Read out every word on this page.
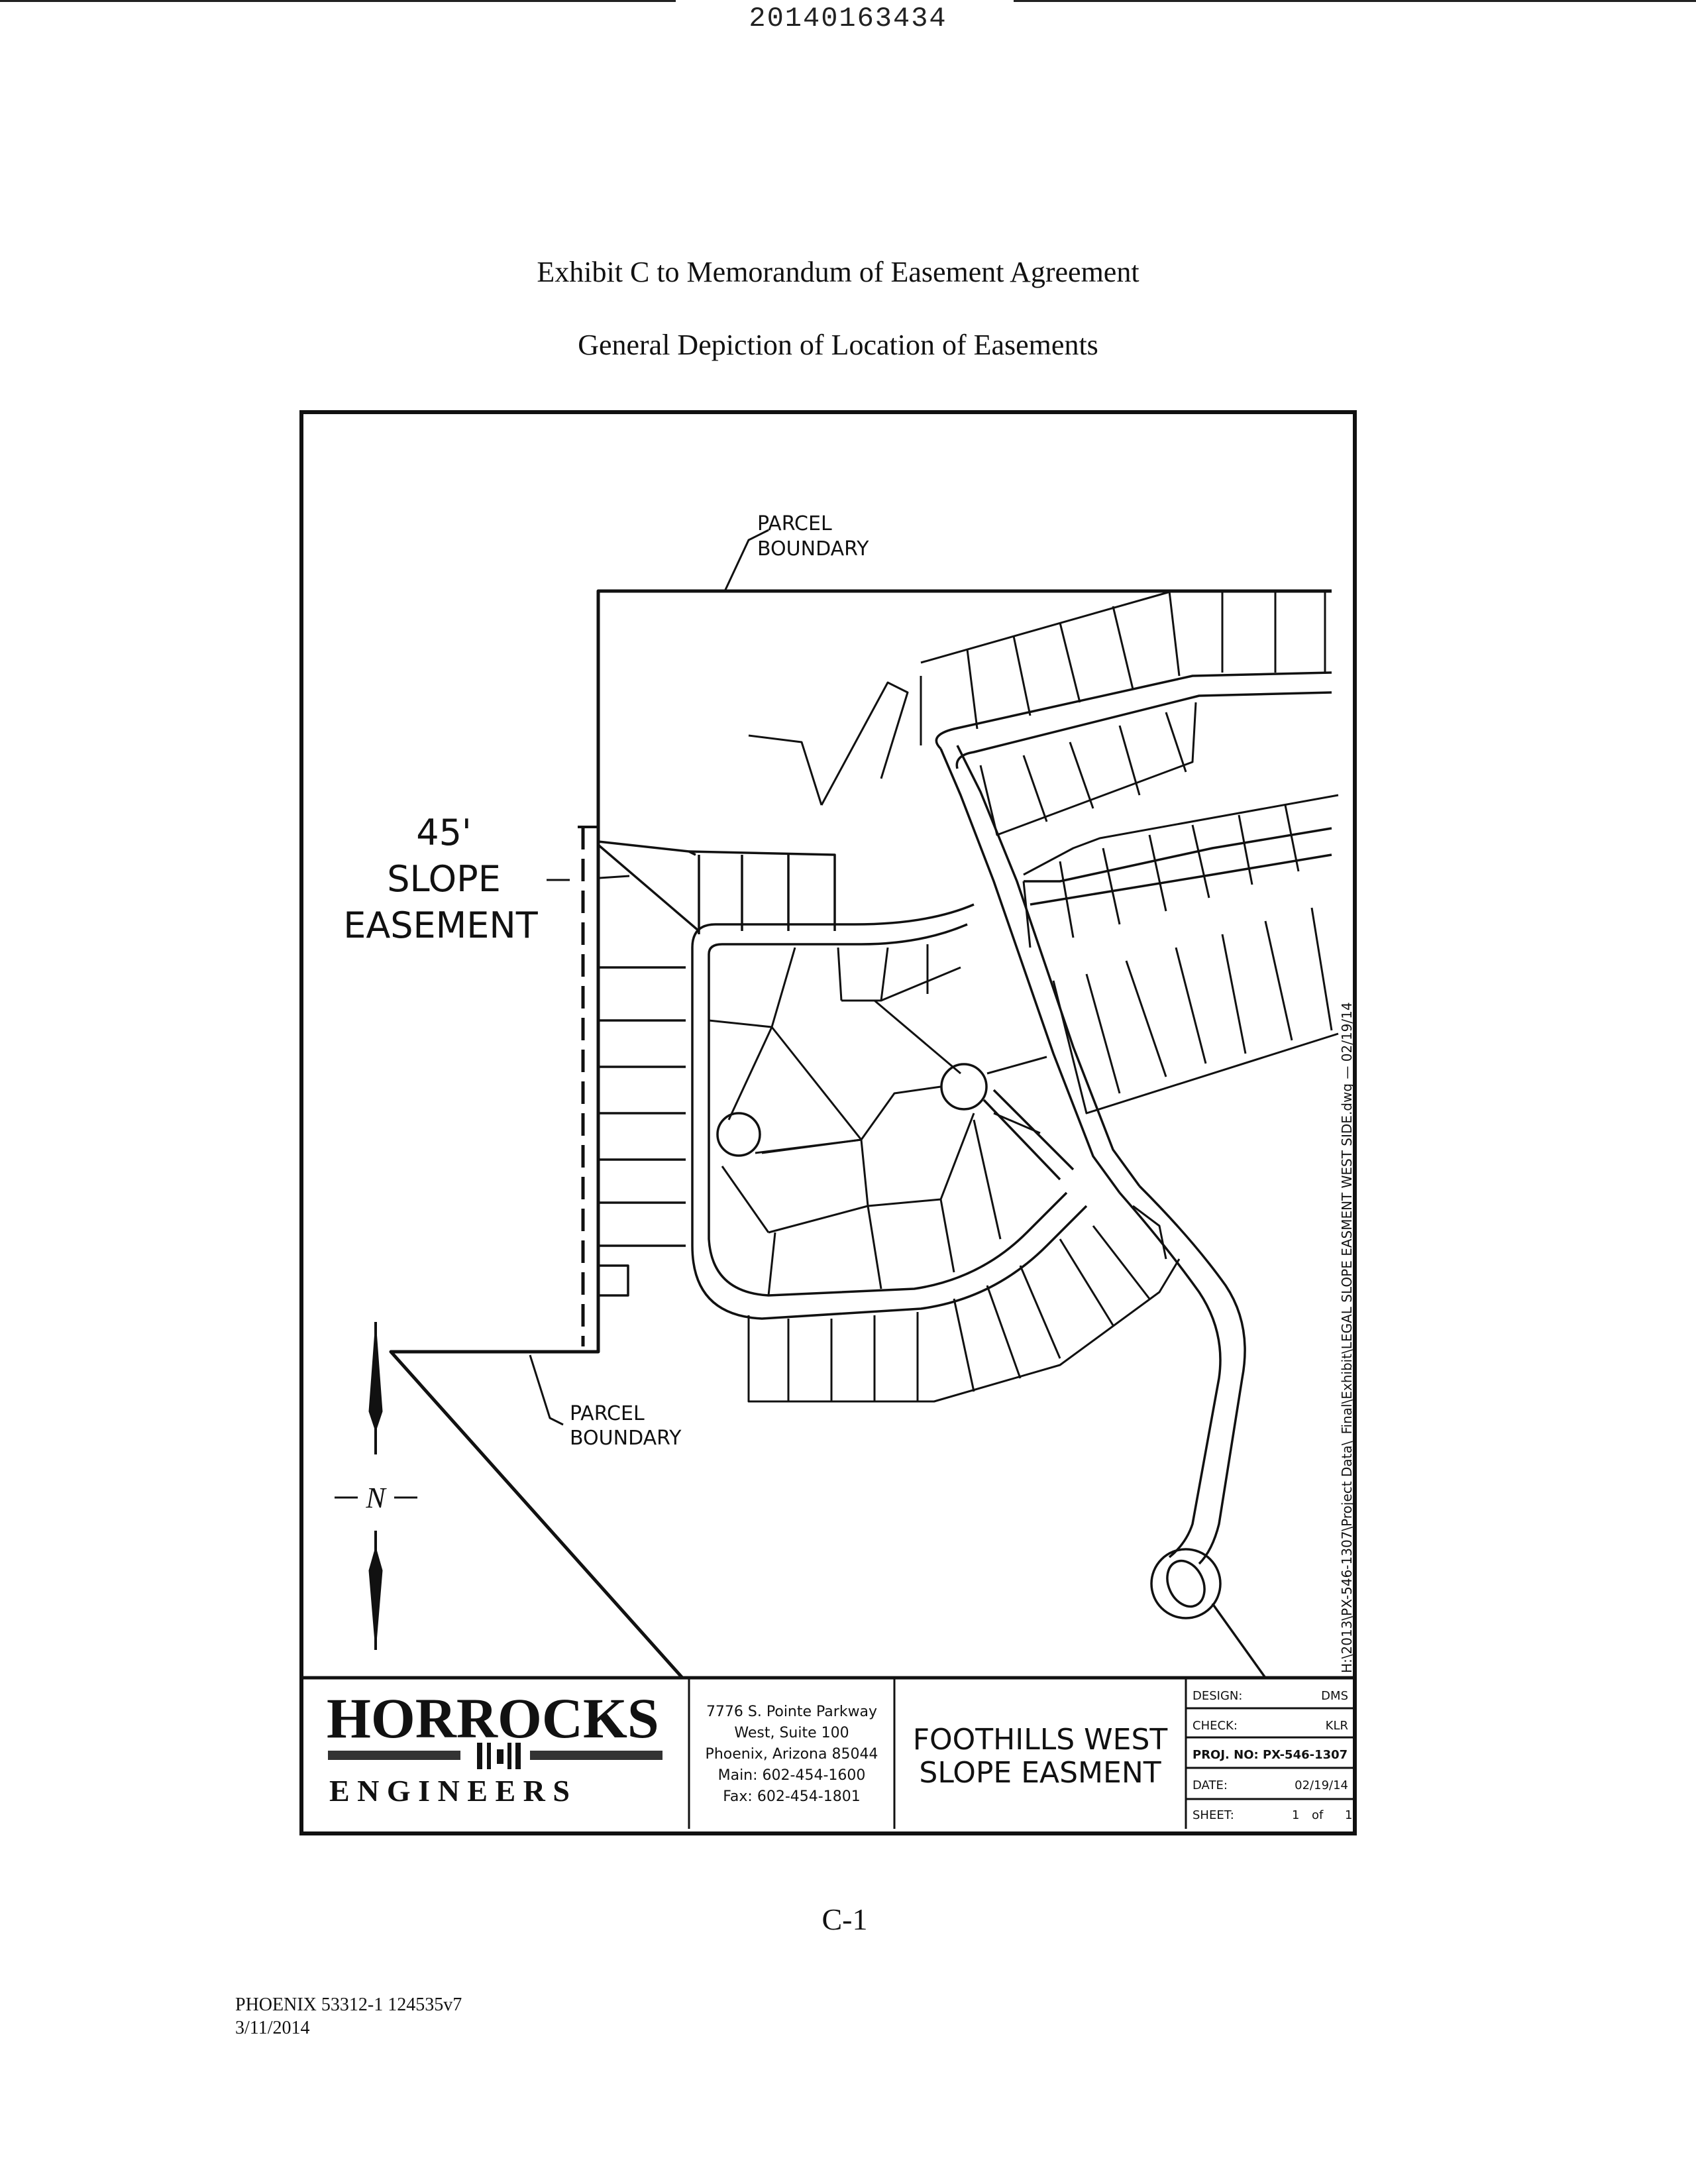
20140163434
Exhibit C to Memorandum of Easement Agreement
General Depiction of Location of Easements
PARCEL
BOUNDARY
PARCEL
BOUNDARY
45'
SLOPE
EASEMENT
N	H:\2013\PX-546-1307\Project Data\_Final\Exhibit\LEGAL SLOPE EASMENT WEST SIDE.dwg — 02/19/14
HORROCKS
E N G I N E E R S
7776 S. Pointe Parkway
West, Suite 100
Phoenix, Arizona 85044
Main: 602-454-1600
Fax: 602-454-1801
FOOTHILLS WEST
SLOPE EASMENT
DESIGN:	DMS
CHECK:	KLR
PROJ. NO: PX-546-1307
DATE:	02/19/14
SHEET:	1 of 1
C-1
PHOENIX 53312-1 124535v7
3/11/2014
